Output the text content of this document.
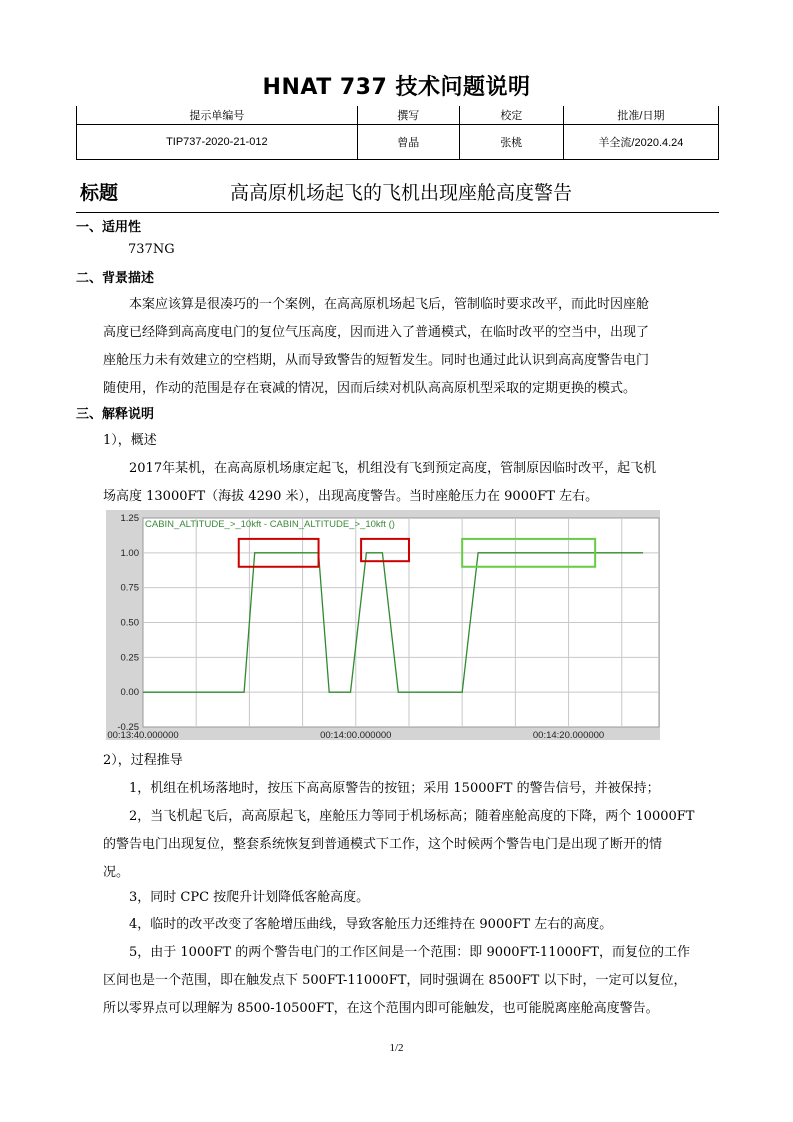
HNAT 737 技术问题说明
提示单编号	撰写	校定	批准/日期
TIP737-2020-21-012	曾晶	张桃	羊全流/2020.4.24
标题	高高原机场起飞的飞机出现座舱高度警告
一、适用性
737NG
二、背景描述
本案应该算是很凑巧的一个案例，在高高原机场起飞后，管制临时要求改平，而此时因座舱
高度已经降到高高度电门的复位气压高度，因而进入了普通模式，在临时改平的空当中，出现了
座舱压力未有效建立的空档期，从而导致警告的短暂发生。同时也通过此认识到高高度警告电门
随使用，作动的范围是存在衰减的情况，因而后续对机队高高原机型采取的定期更换的模式。
三、解释说明
1），概述
2017年某机，在高高原机场康定起飞，机组没有飞到预定高度，管制原因临时改平，起飞机
场高度 13000FT（海拔 4290 米），出现高度警告。当时座舱压力在 9000FT 左右。
1.25
1.00
0.75
0.50
0.25
0.00
-0.25
00:13:40.000000	00:14:00.000000	00:14:20.000000
CABIN_ALTITUDE_>_10kft - CABIN_ALTITUDE_>_10kft ()
2），过程推导
1，机组在机场落地时，按压下高高原警告的按钮；采用 15000FT 的警告信号，并被保持；
2，当飞机起飞后，高高原起飞，座舱压力等同于机场标高；随着座舱高度的下降，两个 10000FT
的警告电门出现复位，整套系统恢复到普通模式下工作，这个时候两个警告电门是出现了断开的情
况。
3，同时 CPC 按爬升计划降低客舱高度。
4，临时的改平改变了客舱增压曲线，导致客舱压力还维持在 9000FT 左右的高度。
5，由于 1000FT 的两个警告电门的工作区间是一个范围：即 9000FT-11000FT，而复位的工作
区间也是一个范围，即在触发点下 500FT-11000FT，同时强调在 8500FT 以下时，一定可以复位，
所以零界点可以理解为 8500-10500FT，在这个范围内即可能触发，也可能脱离座舱高度警告。
1/2
